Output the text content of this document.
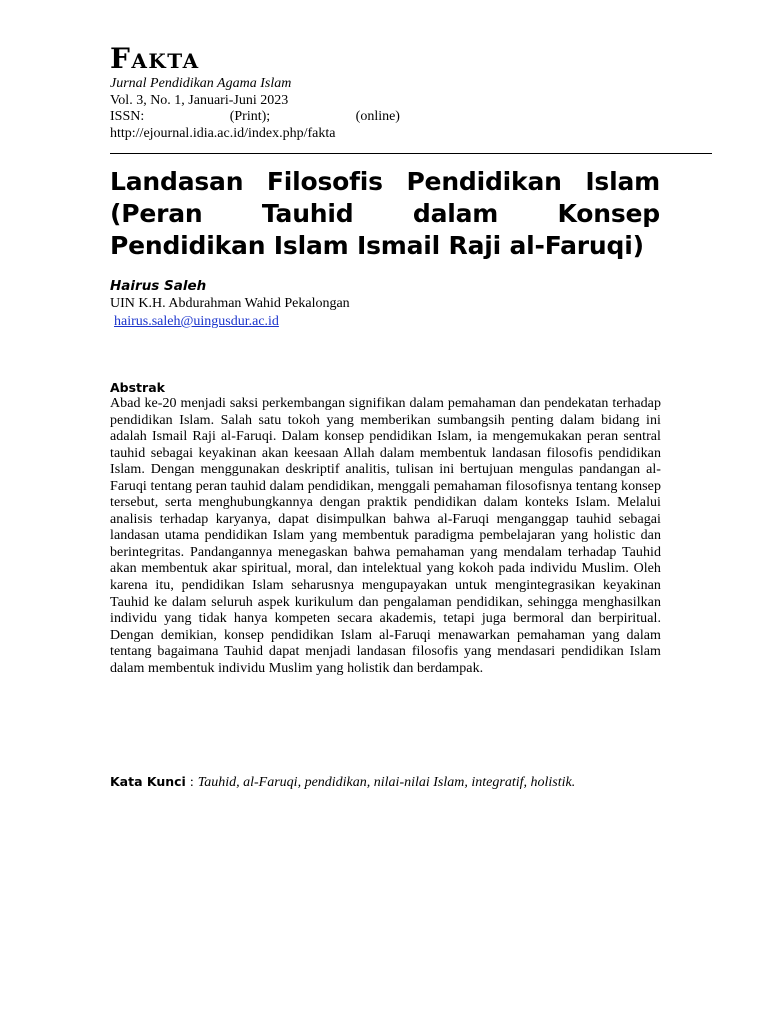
Fakta

Jurnal Pendidikan Agama Islam

Vol. 3, No. 1, Januari-Juni 2023

ISSN:	(Print);	(online)

http://ejournal.idia.ac.id/index.php/fakta

Landasan Filosofis Pendidikan Islam (Peran Tauhid dalam Konsep Pendidikan Islam Ismail Raji al-Faruqi)

Hairus Saleh

UIN K.H. Abdurahman Wahid Pekalongan

hairus.saleh@uingusdur.ac.id

Abstrak

Abad ke-20 menjadi saksi perkembangan signifikan dalam pemahaman dan pendekatan terhadap pendidikan Islam. Salah satu tokoh yang memberikan sumbangsih penting dalam bidang ini adalah Ismail Raji al-Faruqi. Dalam konsep pendidikan Islam, ia mengemukakan peran sentral tauhid sebagai keyakinan akan keesaan Allah dalam membentuk landasan filosofis pendidikan Islam. Dengan menggunakan deskriptif analitis, tulisan ini bertujuan mengulas pandangan al-Faruqi tentang peran tauhid dalam pendidikan, menggali pemahaman filosofisnya tentang konsep tersebut, serta menghubungkannya dengan praktik pendidikan dalam konteks Islam. Melalui analisis terhadap karyanya, dapat disimpulkan bahwa al-Faruqi menganggap tauhid sebagai landasan utama pendidikan Islam yang membentuk paradigma pembelajaran yang holistic dan berintegritas. Pandangannya menegaskan bahwa pemahaman yang mendalam terhadap Tauhid akan membentuk akar spiritual, moral, dan intelektual yang kokoh pada individu Muslim. Oleh karena itu, pendidikan Islam seharusnya mengupayakan untuk mengintegrasikan keyakinan Tauhid ke dalam seluruh aspek kurikulum dan pengalaman pendidikan, sehingga menghasilkan individu yang tidak hanya kompeten secara akademis, tetapi juga bermoral dan berpiritual. Dengan demikian, konsep pendidikan Islam al-Faruqi menawarkan pemahaman yang dalam tentang bagaimana Tauhid dapat menjadi landasan filosofis yang mendasari pendidikan Islam dalam membentuk individu Muslim yang holistik dan berdampak.

Kata Kunci : Tauhid, al-Faruqi, pendidikan, nilai-nilai Islam, integratif, holistik.
